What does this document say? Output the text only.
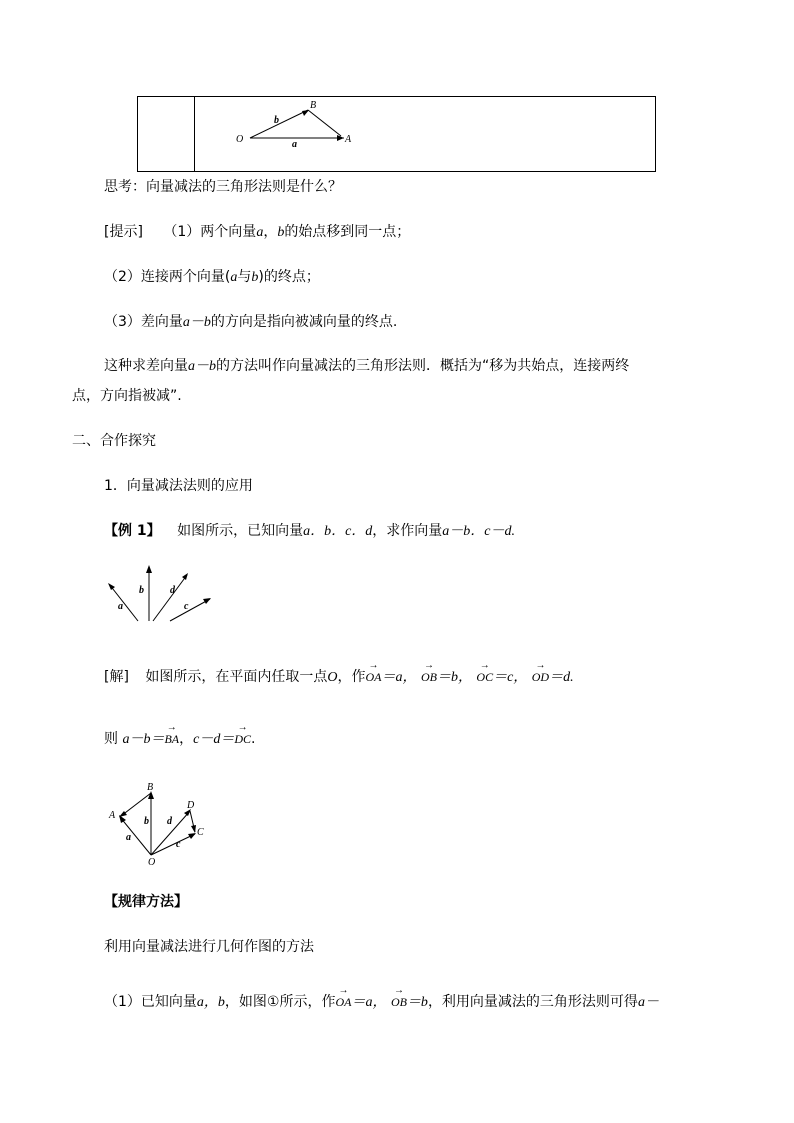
O	A
B
b
a
思考：向量减法的三角形法则是什么？
[提示] （1）两个向量a，b的始点移到同一点；
（2）连接两个向量(a与b)的终点；
（3）差向量a－b的方向是指向被减向量的终点.
这种求差向量a－b的方法叫作向量减法的三角形法则．概括为“移为共始点，连接两终
点，方向指被减”.
二、合作探究
1．向量减法法则的应用
【例 1】 如图所示，已知向量a．b．c．d，求作向量a－b．c－d.
a
b	d
c
[解] 如图所示，在平面内任取一点O，作
→
OA＝a，
→
OB＝b，
→
OC＝c，
→
OD＝d.
则 a－b＝
→
BA，c－d＝
→
DC.
A
B
D
C
O
a
b d
c
【规律方法】
利用向量减法进行几何作图的方法
（1）已知向量a，b，如图①所示，作
→
OA＝a，
→
OB＝b，利用向量减法的三角形法则可得a－
